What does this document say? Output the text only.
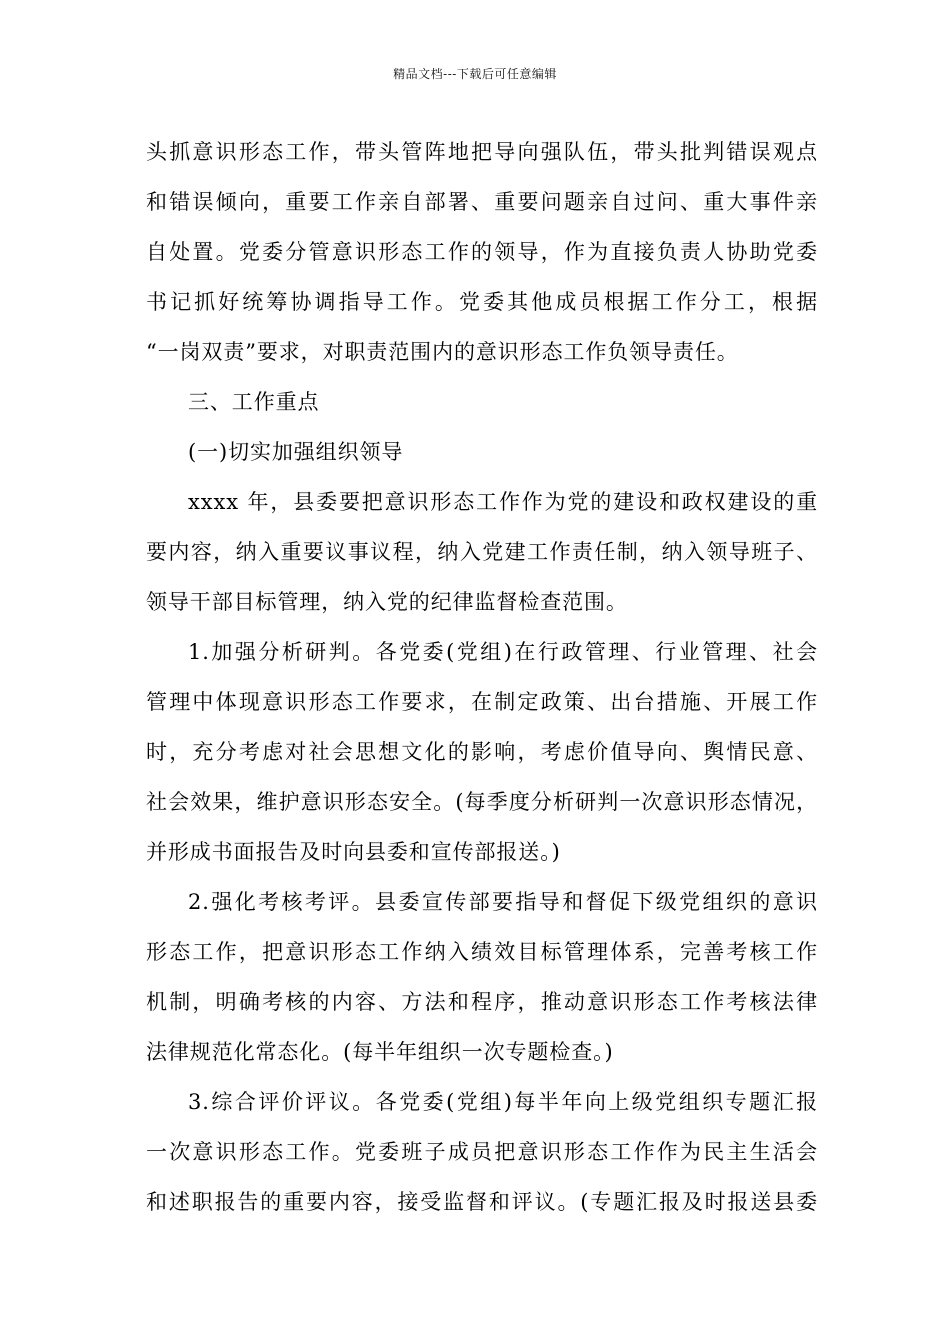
精品文档---下载后可任意编辑
头抓意识形态工作，带头管阵地把导向强队伍，带头批判错误观点
和错误倾向，重要工作亲自部署、重要问题亲自过问、重大事件亲
自处置。党委分管意识形态工作的领导，作为直接负责人协助党委
书记抓好统筹协调指导工作。党委其他成员根据工作分工，根据
“一岗双责”要求，对职责范围内的意识形态工作负领导责任。
三、工作重点
(一)切实加强组织领导
xxxx 年，县委要把意识形态工作作为党的建设和政权建设的重
要内容，纳入重要议事议程，纳入党建工作责任制，纳入领导班子、
领导干部目标管理，纳入党的纪律监督检查范围。
1.加强分析研判。各党委(党组)在行政管理、行业管理、社会
管理中体现意识形态工作要求，在制定政策、出台措施、开展工作
时，充分考虑对社会思想文化的影响，考虑价值导向、舆情民意、
社会效果，维护意识形态安全。(每季度分析研判一次意识形态情况，
并形成书面报告及时向县委和宣传部报送。)
2.强化考核考评。县委宣传部要指导和督促下级党组织的意识
形态工作，把意识形态工作纳入绩效目标管理体系，完善考核工作
机制，明确考核的内容、方法和程序，推动意识形态工作考核法律
法律规范化常态化。(每半年组织一次专题检查。)
3.综合评价评议。各党委(党组)每半年向上级党组织专题汇报
一次意识形态工作。党委班子成员把意识形态工作作为民主生活会
和述职报告的重要内容，接受监督和评议。(专题汇报及时报送县委
